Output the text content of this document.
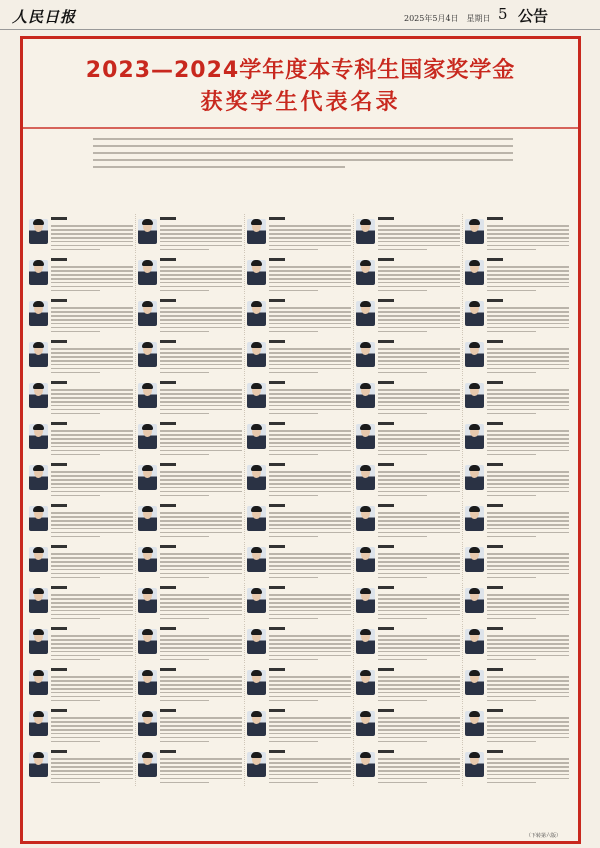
人民日报	2025年5月4日　星期日 5 公告
2023—2024学年度本专科生国家奖学金
获奖学生代表名录
（下转第六版）
